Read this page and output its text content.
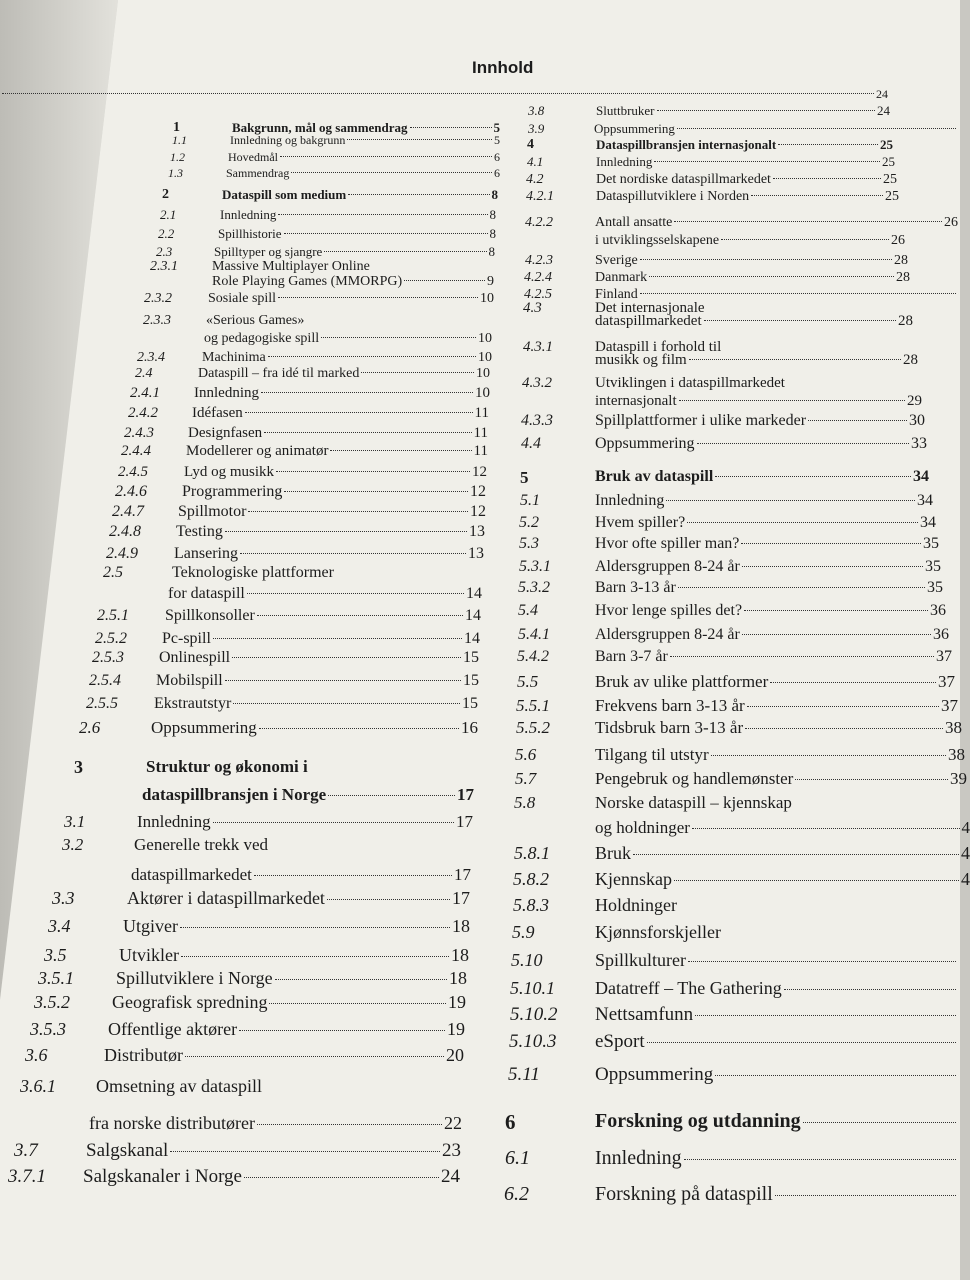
Innhold
1	Bakgrunn, mål og sammendrag	5
1.1	Innledning og bakgrunn	5
1.2	Hovedmål	6
1.3	Sammendrag	6
2	Dataspill som medium	8
2.1	Innledning	8
2.2	Spillhistorie	8
2.3	Spilltyper og sjangre	8
2.3.1 Massive Multiplayer Online
Role Playing Games (MMORPG)	9
2.3.2	Sosiale spill	10
2.3.3	«Serious Games»
og pedagogiske spill	10
2.3.4	Machinima	10
2.4	Dataspill – fra idé til marked	10
2.4.1 Innledning	10
2.4.2 Idéfasen	11
2.4.3 Designfasen	11
2.4.4 Modellerer og animatør	11
2.4.5 Lyd og musikk	12
2.4.6 Programmering	12
2.4.7 Spillmotor	12
2.4.8 Testing	13
2.4.9 Lansering	13
2.5	Teknologiske plattformer
for dataspill	14
2.5.1 Spillkonsoller	14
2.5.2 Pc-spill	14
2.5.3 Onlinespill	15
2.5.4 Mobilspill	15
2.5.5 Ekstrautstyr	15
2.6	Oppsummering	16
3	Struktur og økonomi i
dataspillbransjen i Norge	17
3.1	Innledning	17
3.2	Generelle trekk ved
dataspillmarkedet	17
3.3	Aktører i dataspillmarkedet	17
3.4	Utgiver	18
3.5	Utvikler	18
3.5.1 Spillutviklere i Norge	18
3.5.2 Geografisk spredning	19
3.5.3 Offentlige aktører	19
3.6	Distributør	20
3.6.1 Omsetning av dataspill
fra norske distributører	22
3.7	Salgskanal	23
3.7.1 Salgskanaler i Norge	24
24
3.8	Sluttbruker	24
3.9	Oppsummering
4	Dataspillbransjen internasjonalt	25
4.1	Innledning	25
4.2	Det nordiske dataspillmarkedet	25
4.2.1	Dataspillutviklere i Norden	25
4.2.2	Antall ansatte	26
i utviklingsselskapene	26
4.2.3	Sverige	28
4.2.4	Danmark	28
4.2.5	Finland
4.3	Det internasjonale
dataspillmarkedet	28
4.3.1	Dataspill i forhold til
musikk og film	28
4.3.2	Utviklingen i dataspillmarkedet
internasjonalt	29
4.3.3	Spillplattformer i ulike markeder	30
4.4	Oppsummering	33
5	Bruk av dataspill	34
5.1	Innledning	34
5.2	Hvem spiller?	34
5.3	Hvor ofte spiller man?	35
5.3.1	Aldersgruppen 8-24 år	35
5.3.2	Barn 3-13 år	35
5.4	Hvor lenge spilles det?	36
5.4.1	Aldersgruppen 8-24 år	36
5.4.2	Barn 3-7 år	37
5.5	Bruk av ulike plattformer	37
5.5.1	Frekvens barn 3-13 år	37
5.5.2	Tidsbruk barn 3-13 år	38
5.6	Tilgang til utstyr	38
5.7	Pengebruk og handlemønster	39
5.8	Norske dataspill – kjennskap
og holdninger	4
5.8.1	Bruk	4
5.8.2	Kjennskap	4
5.8.3	Holdninger
5.9	Kjønnsforskjeller
5.10	Spillkulturer
5.10.1 Datatreff – The Gathering
5.10.2 Nettsamfunn
5.10.3 eSport
5.11	Oppsummering
6	Forskning og utdanning
6.1	Innledning
6.2	Forskning på dataspill
